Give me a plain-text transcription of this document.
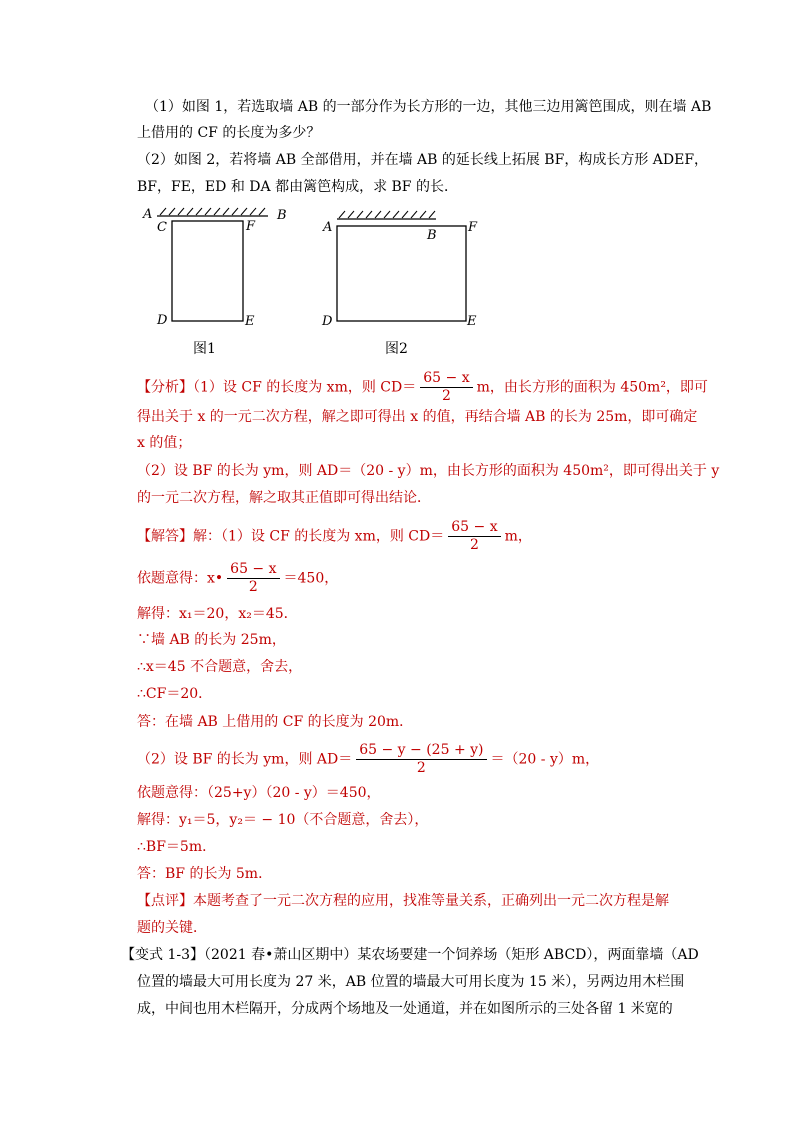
（1）如图 1，若选取墙 AB 的一部分作为长方形的一边，其他三边用篱笆围成，则在墙 AB
上借用的 CF 的长度为多少？
（2）如图 2，若将墙 AB 全部借用，并在墙 AB 的延长线上拓展 BF，构成长方形 ADEF，
BF，FE，ED 和 DA 都由篱笆构成，求 BF 的长．
A	B
C	F
D	E
图1
A
B
F
D	E
图2
【分析】（1）设 CF 的长度为 xm，则 $CD= \frac{65 - x}{2}$ m，由长方形的面积为 450m²，即可
得出关于 x 的一元二次方程，解之即可得出 x 的值，再结合墙 AB 的长为 25m，即可确定
x 的值；
（2）设 BF 的长为 ym，则 AD＝（20 - y）m，由长方形的面积为 450m²，即可得出关于 y
的一元二次方程，解之取其正值即可得出结论．
【解答】解：（1）设 CF 的长度为 xm，则 $CD= \frac{65 - x}{2}$ m，
依题意得：x• $\frac{65 - x}{2} =450$，
解得：x₁＝20，x₂＝45．
∵墙 AB 的长为 25m，
∴x＝45 不合题意，舍去，
∴CF＝20．
答：在墙 AB 上借用的 CF 的长度为 20m．
（2）设 BF 的长为 ym，则 $AD= \frac{65 - y - (25 + y)}{2} =(20 - y)m$，
依题意得：（25+y）（20 - y）＝450，
解得：y₁＝5，y₂＝ − 10（不合题意，舍去），
∴BF＝5m．
答：BF 的长为 5m．
【点评】本题考查了一元二次方程的应用，找准等量关系，正确列出一元二次方程是解
题的关键．
【变式 1-3】（2021 春•萧山区期中）某农场要建一个饲养场（矩形 ABCD），两面靠墙（AD
位置的墙最大可用长度为 27 米，AB 位置的墙最大可用长度为 15 米），另两边用木栏围
成，中间也用木栏隔开，分成两个场地及一处通道，并在如图所示的三处各留 1 米宽的
